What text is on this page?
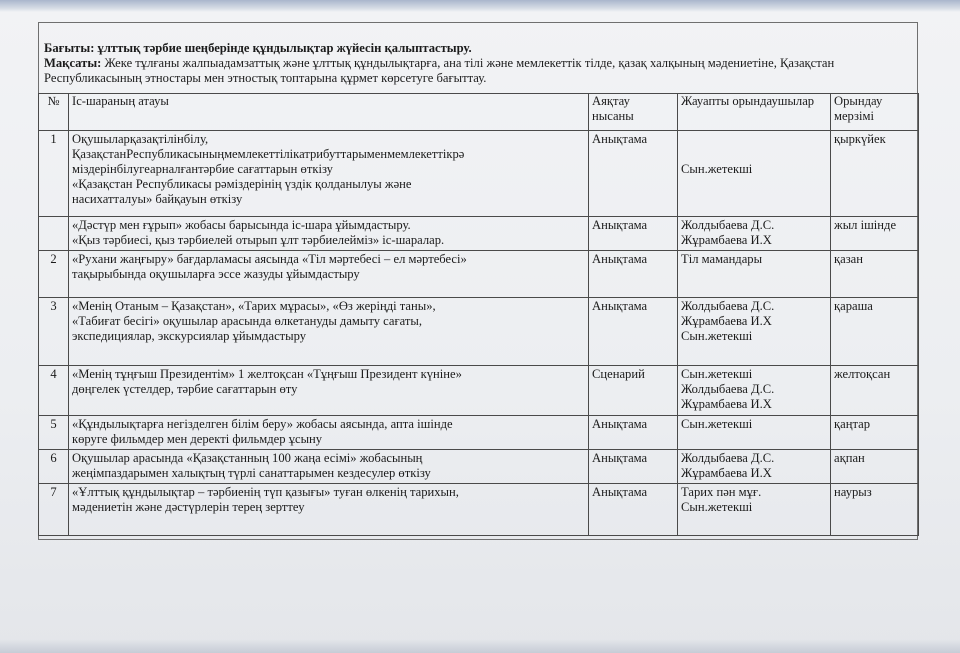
Бағыты: ұлттық тәрбие шеңберінде құндылықтар жүйесін қалыптастыру.

Мақсаты: Жеке тұлғаны жалпыадамзаттық және ұлттық құндылықтарға, ана тілі және мемлекеттік тілде, қазақ халқының мәдениетіне, Қазақстан Республикасының этностары мен этностық топтарына құрмет көрсетуге бағыттау.

№	Іс-шараның атауы	Аяқтау нысаны	Жауапты орындаушылар	Орындау мерзімі
1	Оқушыларқазақтілінбілу,
ҚазақстанРеспубликасыныңмемлекеттілікатрибуттарыменмемлекеттікрә
міздерінбілугеарналғантәрбие сағаттарын өткізу
«Қазақстан Республикасы рәміздерінің үздік қолданылуы және
насихатталуы» байқауын өткізу	Анықтама	Сын.жетекші	қыркүйек

	«Дәстүр мен ғұрып» жобасы барысында іс-шара ұйымдастыру.
«Қыз тәрбиесі, қыз тәрбиелей отырып ұлт тәрбиелейміз» іс-шаралар.	Анықтама	Жолдыбаева Д.С.
Жұрамбаева И.Х	жыл ішінде

2	«Рухани жаңғыру» бағдарламасы аясында «Тіл мәртебесі – ел мәртебесі»
тақырыбында оқушыларға эссе жазуды ұйымдастыру	Анықтама	Тіл мамандары	қазан

3	«Менің Отаным – Қазақстан», «Тарих мұрасы», «Өз жеріңді таны»,
«Табиғат бесігі» оқушылар арасында өлкетануды дамыту сағаты,
экспедициялар, экскурсиялар ұйымдастыру	Анықтама	Жолдыбаева Д.С.
Жұрамбаева И.Х
Сын.жетекші	қараша

4	«Менің тұңғыш Президентім» 1 желтоқсан «Тұңғыш Президент күніне»
дөңгелек үстелдер, тәрбие сағаттарын өту	Сценарий	Сын.жетекші
Жолдыбаева Д.С.
Жұрамбаева И.Х	желтоқсан

5	«Құндылықтарға негізделген білім беру» жобасы аясында, апта ішінде
көруге фильмдер мен деректі фильмдер ұсыну	Анықтама	Сын.жетекші	қаңтар

6	Оқушылар арасында «Қазақстанның 100 жаңа есімі» жобасының
жеңімпаздарымен халықтың түрлі санаттарымен кездесулер өткізу	Анықтама	Жолдыбаева Д.С.
Жұрамбаева И.Х	ақпан

7	«Ұлттық құндылықтар – тәрбиенің түп қазығы» туған өлкенің тарихын,
мәдениетін және дәстүрлерін терең зерттеу	Анықтама	Тарих пән мұғ.
Сын.жетекші	наурыз
